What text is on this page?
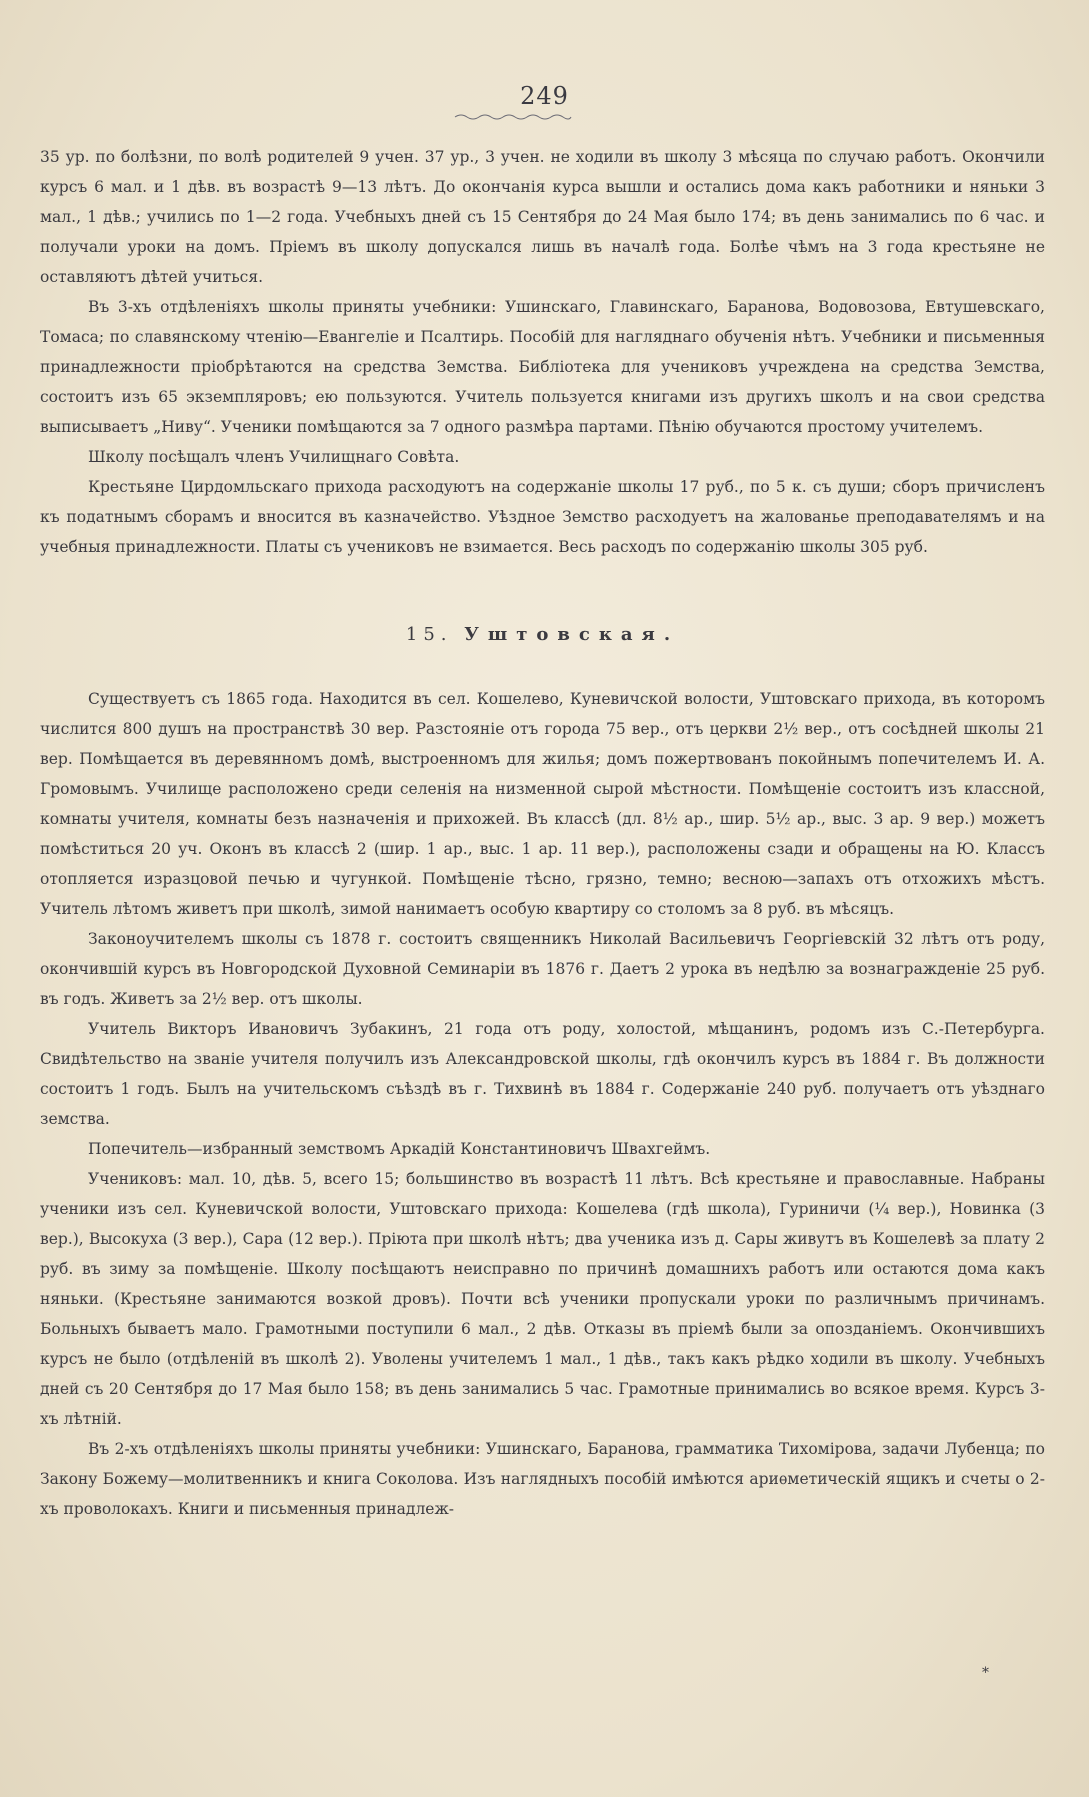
249

35 ур. по болѣзни, по волѣ родителей 9 учен. 37 ур., 3 учен. не ходили въ школу 3 мѣсяца по случаю работъ. Окончили курсъ 6 мал. и 1 дѣв. въ возрастѣ 9—13 лѣтъ. До окончанія курса вышли и остались дома какъ работники и няньки 3 мал., 1 дѣв.; учились по 1—2 года. Учебныхъ дней съ 15 Сентября до 24 Мая было 174; въ день занимались по 6 час. и получали уроки на домъ. Пріемъ въ школу допускался лишь въ началѣ года. Болѣе чѣмъ на 3 года крестьяне не оставляютъ дѣтей учиться.

Въ 3-хъ отдѣленіяхъ школы приняты учебники: Ушинскаго, Главинскаго, Баранова, Водовозова, Евтушевскаго, Томаса; по славянскому чтенію—Евангеліе и Псалтирь. Пособій для нагляднаго обученія нѣтъ. Учебники и письменныя принадлежности пріобрѣтаются на средства Земства. Библіотека для учениковъ учреждена на средства Земства, состоитъ изъ 65 экземпляровъ; ею пользуются. Учитель пользуется книгами изъ другихъ школъ и на свои средства выписываетъ „Ниву“. Ученики помѣщаются за 7 одного размѣра партами. Пѣнію обучаются простому учителемъ.

Школу посѣщалъ членъ Училищнаго Совѣта.

Крестьяне Цирдомльскаго прихода расходуютъ на содержаніе школы 17 руб., по 5 к. съ души; сборъ причисленъ къ податнымъ сборамъ и вносится въ казначейство. Уѣздное Земство расходуетъ на жалованье преподавателямъ и на учебныя принадлежности. Платы съ учениковъ не взимается. Весь расходъ по содержанію школы 305 руб.

15. Уштовская.

Существуетъ съ 1865 года. Находится въ сел. Кошелево, Куневичской волости, Уштовскаго прихода, въ которомъ числится 800 душъ на пространствѣ 30 вер. Разстояніе отъ города 75 вер., отъ церкви 2½ вер., отъ сосѣдней школы 21 вер. Помѣщается въ деревянномъ домѣ, выстроенномъ для жилья; домъ пожертвованъ покойнымъ попечителемъ И. А. Громовымъ. Училище расположено среди селенія на низменной сырой мѣстности. Помѣщеніе состоитъ изъ классной, комнаты учителя, комнаты безъ назначенія и прихожей. Въ классѣ (дл. 8½ ар., шир. 5½ ар., выс. 3 ар. 9 вер.) можетъ помѣститься 20 уч. Оконъ въ классѣ 2 (шир. 1 ар., выс. 1 ар. 11 вер.), расположены сзади и обращены на Ю. Классъ отопляется изразцовой печью и чугункой. Помѣщеніе тѣсно, грязно, темно; весною—запахъ отъ отхожихъ мѣстъ. Учитель лѣтомъ живетъ при школѣ, зимой нанимаетъ особую квартиру со столомъ за 8 руб. въ мѣсяцъ.

Законоучителемъ школы съ 1878 г. состоитъ священникъ Николай Васильевичъ Георгіевскій 32 лѣтъ отъ роду, окончившій курсъ въ Новгородской Духовной Семинаріи въ 1876 г. Даетъ 2 урока въ недѣлю за вознагражденіе 25 руб. въ годъ. Живетъ за 2½ вер. отъ школы.

Учитель Викторъ Ивановичъ Зубакинъ, 21 года отъ роду, холостой, мѣщанинъ, родомъ изъ С.-Петербурга. Свидѣтельство на званіе учителя получилъ изъ Александровской школы, гдѣ окончилъ курсъ въ 1884 г. Въ должности состоитъ 1 годъ. Былъ на учительскомъ съѣздѣ въ г. Тихвинѣ въ 1884 г. Содержаніе 240 руб. получаетъ отъ уѣзднаго земства.

Попечитель—избранный земствомъ Аркадій Константиновичъ Швахгеймъ.

Учениковъ: мал. 10, дѣв. 5, всего 15; большинство въ возрастѣ 11 лѣтъ. Всѣ крестьяне и православные. Набраны ученики изъ сел. Куневичской волости, Уштовскаго прихода: Кошелева (гдѣ школа), Гуриничи (¼ вер.), Новинка (3 вер.), Высокуха (3 вер.), Сара (12 вер.). Пріюта при школѣ нѣтъ; два ученика изъ д. Сары живутъ въ Кошелевѣ за плату 2 руб. въ зиму за помѣщеніе. Школу посѣщаютъ неисправно по причинѣ домашнихъ работъ или остаются дома какъ няньки. (Крестьяне занимаются возкой дровъ). Почти всѣ ученики пропускали уроки по различнымъ причинамъ. Больныхъ бываетъ мало. Грамотными поступили 6 мал., 2 дѣв. Отказы въ пріемѣ были за опозданіемъ. Окончившихъ курсъ не было (отдѣленій въ школѣ 2). Уволены учителемъ 1 мал., 1 дѣв., такъ какъ рѣдко ходили въ школу. Учебныхъ дней съ 20 Сентября до 17 Мая было 158; въ день занимались 5 час. Грамотные принимались во всякое время. Курсъ 3-хъ лѣтній.

Въ 2-хъ отдѣленіяхъ школы приняты учебники: Ушинскаго, Баранова, грамматика Тихомірова, задачи Лубенца; по Закону Божему—молитвенникъ и книга Соколова. Изъ наглядныхъ пособій имѣются ариѳметическій ящикъ и счеты о 2-хъ проволокахъ. Книги и письменныя принадлеж-

*
